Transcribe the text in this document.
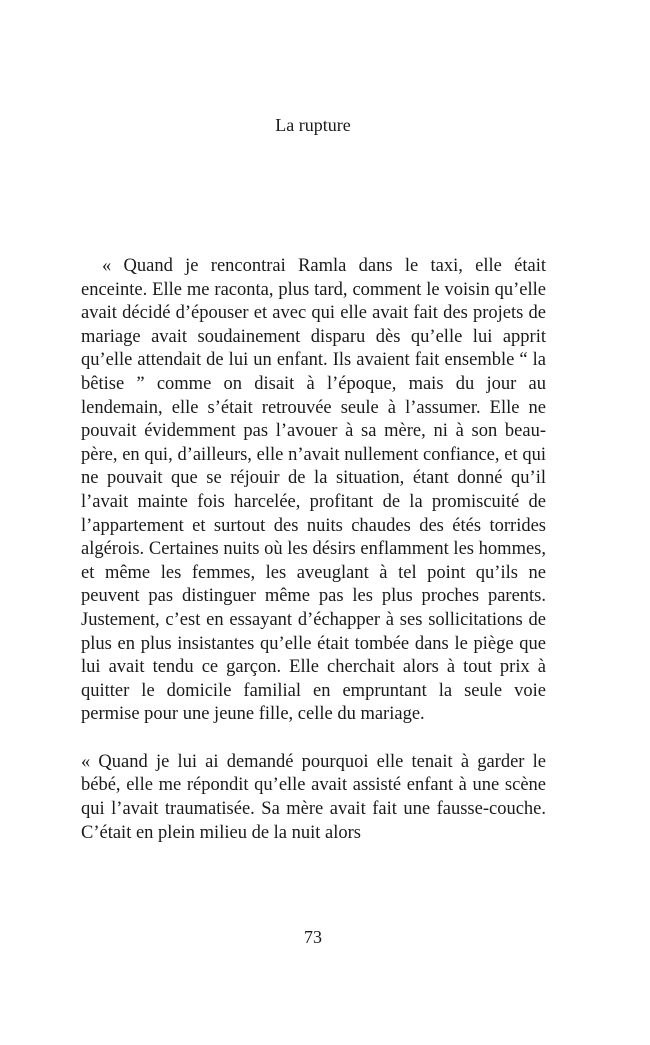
La rupture

« Quand je rencontrai Ramla dans le taxi, elle était enceinte. Elle me raconta, plus tard, comment le voisin qu’elle avait décidé d’épouser et avec qui elle avait fait des projets de mariage avait soudainement disparu dès qu’elle lui apprit qu’elle attendait de lui un enfant. Ils avaient fait ensemble “ la bêtise ” comme on disait à l’époque, mais du jour au lendemain, elle s’était retrouvée seule à l’assumer. Elle ne pouvait évidemment pas l’avouer à sa mère, ni à son beau-père, en qui, d’ailleurs, elle n’avait nullement confiance, et qui ne pouvait que se réjouir de la situation, étant donné qu’il l’avait mainte fois harcelée, profitant de la promiscuité de l’appartement et surtout des nuits chaudes des étés torrides algérois. Certaines nuits où les désirs enflamment les hommes, et même les femmes, les aveuglant à tel point qu’ils ne peuvent pas distinguer même pas les plus proches parents. Justement, c’est en essayant d’échapper à ses sollicitations de plus en plus insistantes qu’elle était tombée dans le piège que lui avait tendu ce garçon. Elle cherchait alors à tout prix à quitter le domicile familial en empruntant la seule voie permise pour une jeune fille, celle du mariage.

« Quand je lui ai demandé pourquoi elle tenait à garder le bébé, elle me répondit qu’elle avait assisté enfant à une scène qui l’avait traumatisée. Sa mère avait fait une fausse-couche. C’était en plein milieu de la nuit alors

73
